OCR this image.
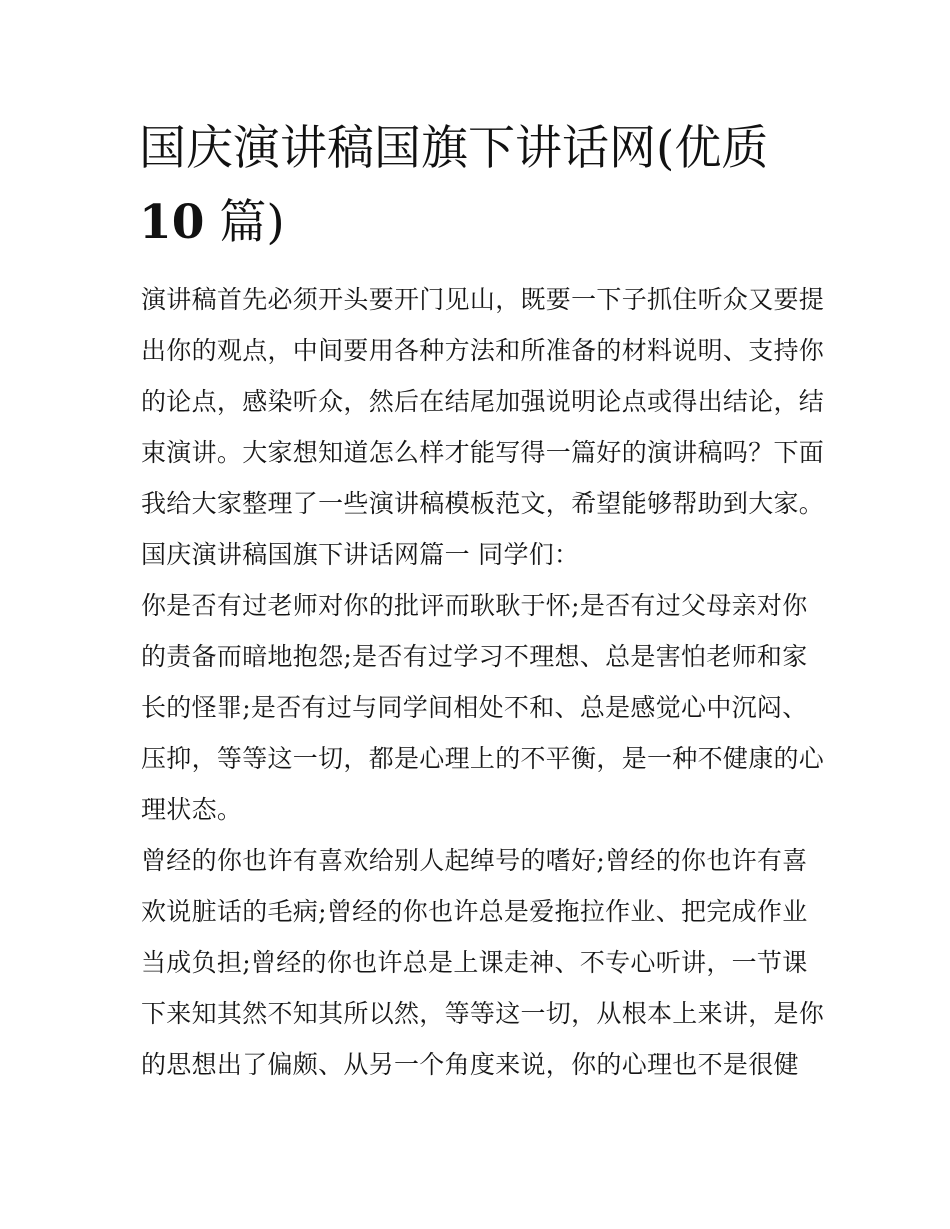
国庆演讲稿国旗下讲话网(优质
10 篇)
演讲稿首先必须开头要开门见山，既要一下子抓住听众又要提
出你的观点，中间要用各种方法和所准备的材料说明、支持你
的论点，感染听众，然后在结尾加强说明论点或得出结论，结
束演讲。大家想知道怎么样才能写得一篇好的演讲稿吗？下面
我给大家整理了一些演讲稿模板范文，希望能够帮助到大家。
国庆演讲稿国旗下讲话网篇一 同学们：
你是否有过老师对你的批评而耿耿于怀;是否有过父母亲对你
的责备而暗地抱怨;是否有过学习不理想、总是害怕老师和家
长的怪罪;是否有过与同学间相处不和、总是感觉心中沉闷、
压抑，等等这一切，都是心理上的不平衡，是一种不健康的心
理状态。
曾经的你也许有喜欢给别人起绰号的嗜好;曾经的你也许有喜
欢说脏话的毛病;曾经的你也许总是爱拖拉作业、把完成作业
当成负担;曾经的你也许总是上课走神、不专心听讲，一节课
下来知其然不知其所以然，等等这一切，从根本上来讲，是你
的思想出了偏颇、从另一个角度来说，你的心理也不是很健
